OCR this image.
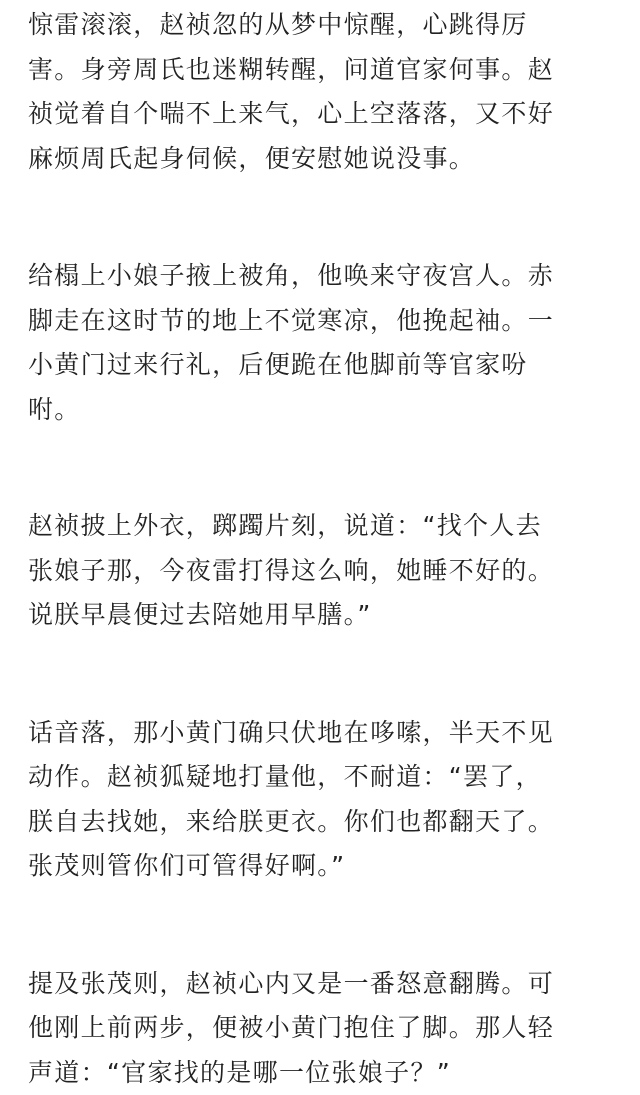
惊雷滚滚，赵祯忽的从梦中惊醒，心跳得厉
害。身旁周氏也迷糊转醒，问道官家何事。赵
祯觉着自个喘不上来气，心上空落落，又不好
麻烦周氏起身伺候，便安慰她说没事。

给榻上小娘子掖上被角，他唤来守夜宫人。赤
脚走在这时节的地上不觉寒凉，他挽起袖。一
小黄门过来行礼，后便跪在他脚前等官家吩
咐。

赵祯披上外衣，踯躅片刻，说道：“找个人去
张娘子那，今夜雷打得这么响，她睡不好的。
说朕早晨便过去陪她用早膳。”

话音落，那小黄门确只伏地在哆嗦，半天不见
动作。赵祯狐疑地打量他，不耐道：“罢了，
朕自去找她，来给朕更衣。你们也都翻天了。
张茂则管你们可管得好啊。”

提及张茂则，赵祯心内又是一番怒意翻腾。可
他刚上前两步，便被小黄门抱住了脚。那人轻
声道：“官家找的是哪一位张娘子？”
